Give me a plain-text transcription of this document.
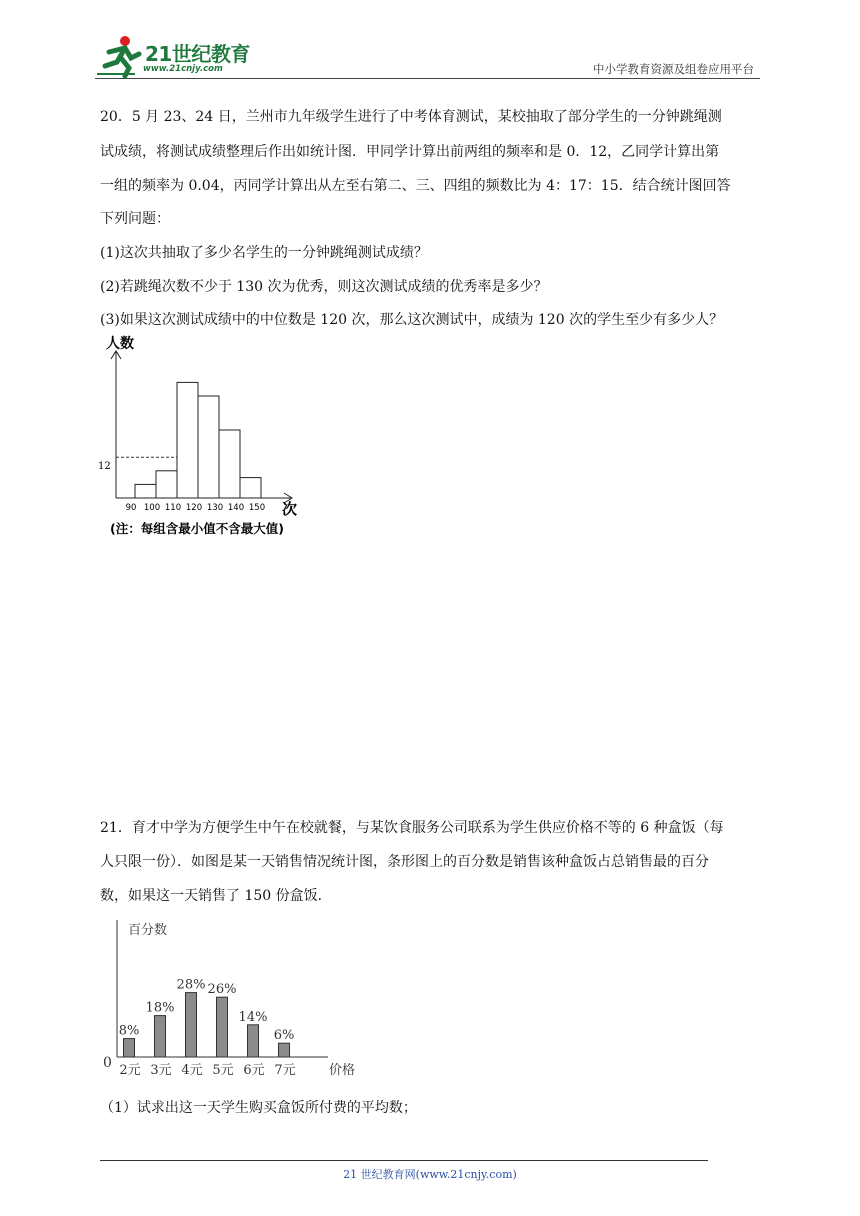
21世纪教育
www.21cnjy.com	中小学教育资源及组卷应用平台
20．5 月 23、24 日，兰州市九年级学生进行了中考体育测试，某校抽取了部分学生的一分钟跳绳测
试成绩，将测试成绩整理后作出如统计图．甲同学计算出前两组的频率和是 0．12，乙同学计算出第
一组的频率为 0.04，丙同学计算出从左至右第二、三、四组的频数比为 4：17：15．结合统计图回答
下列问题：
(1)这次共抽取了多少名学生的一分钟跳绳测试成绩？
(2)若跳绳次数不少于 130 次为优秀，则这次测试成绩的优秀率是多少？
(3)如果这次测试成绩中的中位数是 120 次，那么这次测试中，成绩为 120 次的学生至少有多少人？
90 100 110 120 130 140 150
人数
次
12
(注：每组含最小值不含最大值)
21．育才中学为方便学生中午在校就餐，与某饮食服务公司联系为学生供应价格不等的 6 种盒饭（每
人只限一份）．如图是某一天销售情况统计图，条形图上的百分数是销售该种盒饭占总销售最的百分
数，如果这一天销售了 150 份盒饭．
8%
2元
18%
3元
28%
4元
26%
5元
14%
6元
6%
7元
百分数
价格
0
（1）试求出这一天学生购买盒饭所付费的平均数；
21 世纪教育网(www.21cnjy.com)
